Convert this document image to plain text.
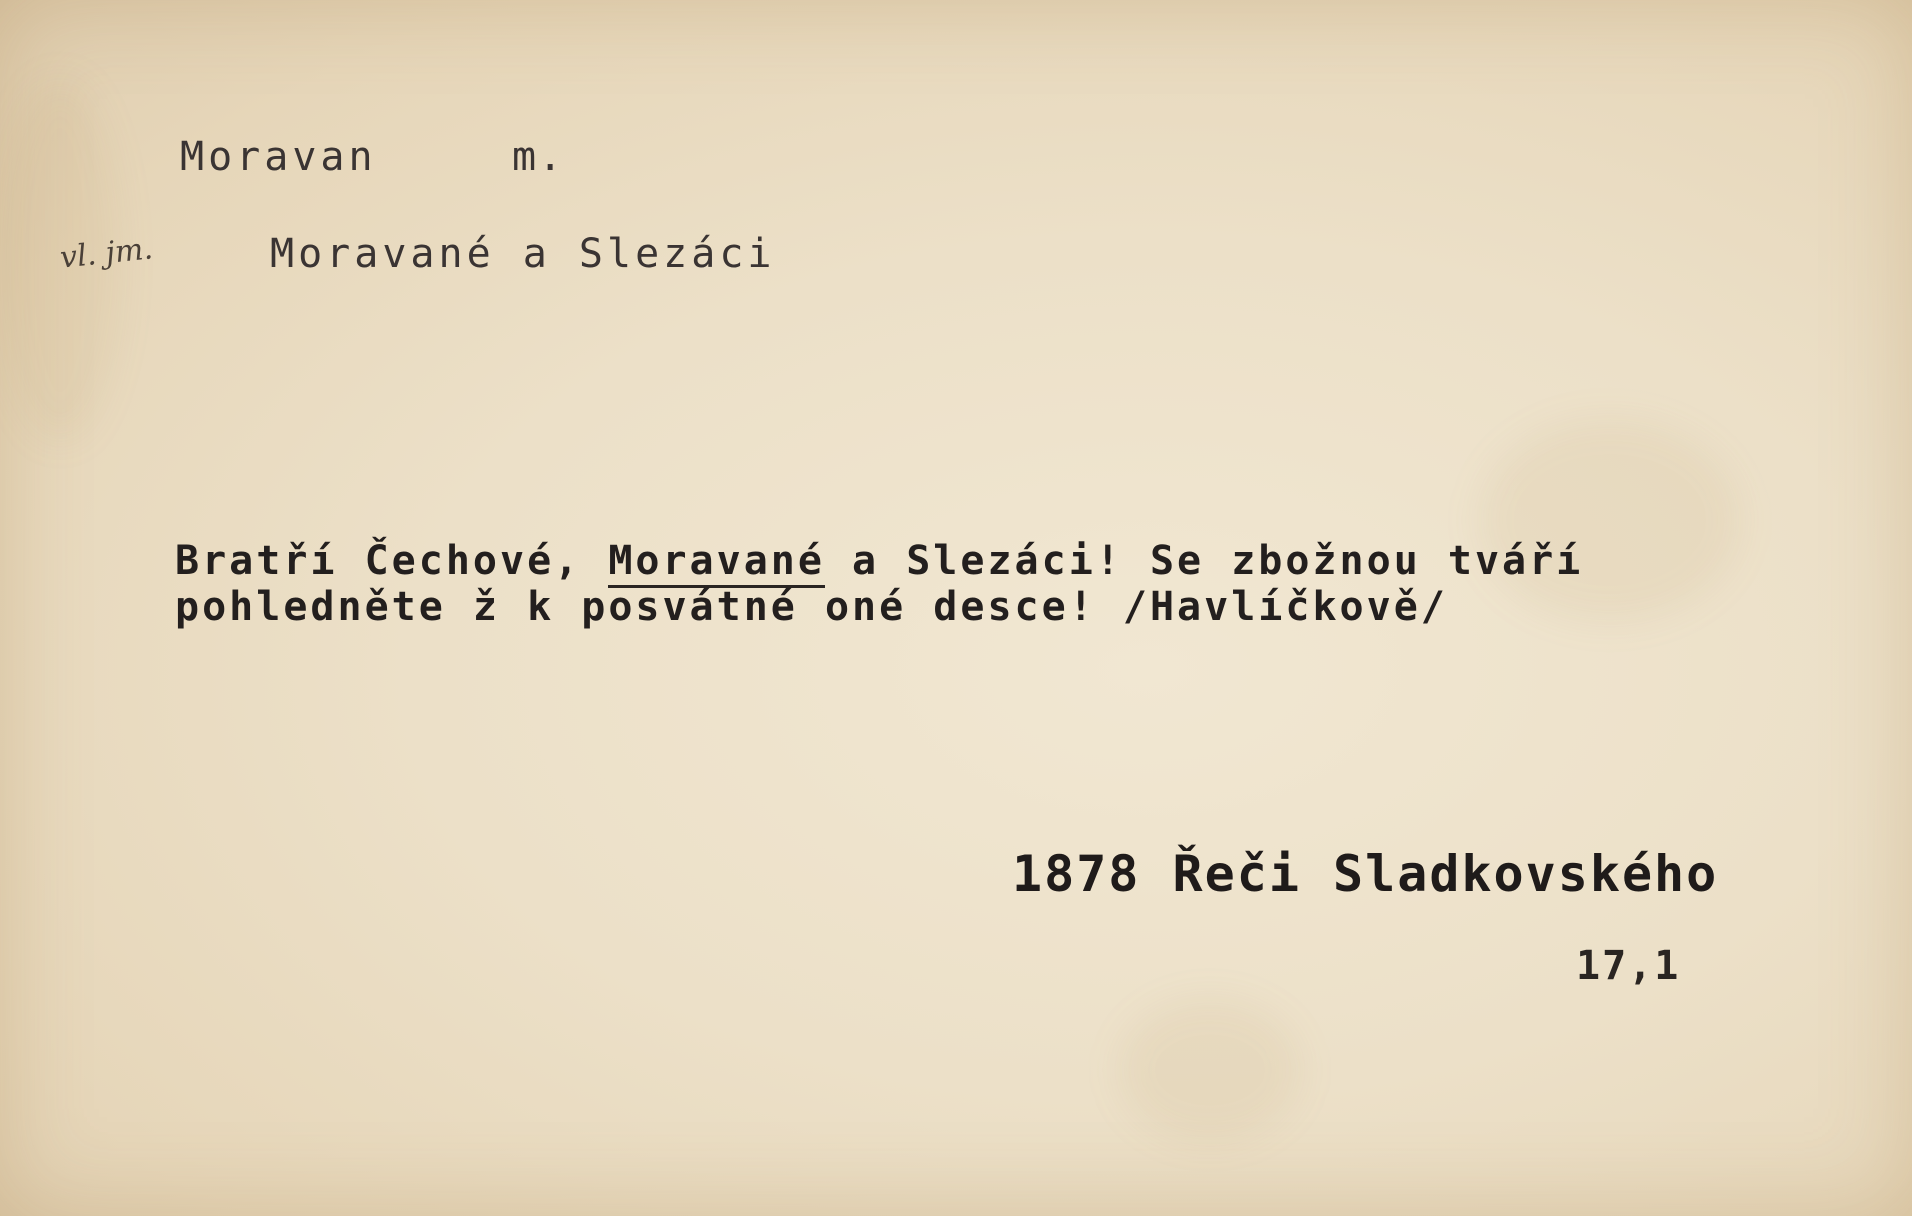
Moravan	m.

vl. jm.	Moravané a Slezáci

Bratří Čechové, Moravané a Slezáci! Se zbožnou tváří
pohledněte ž k posvátné oné desce! /Havlíčkově/

1878 Řeči Sladkovského

17,1
